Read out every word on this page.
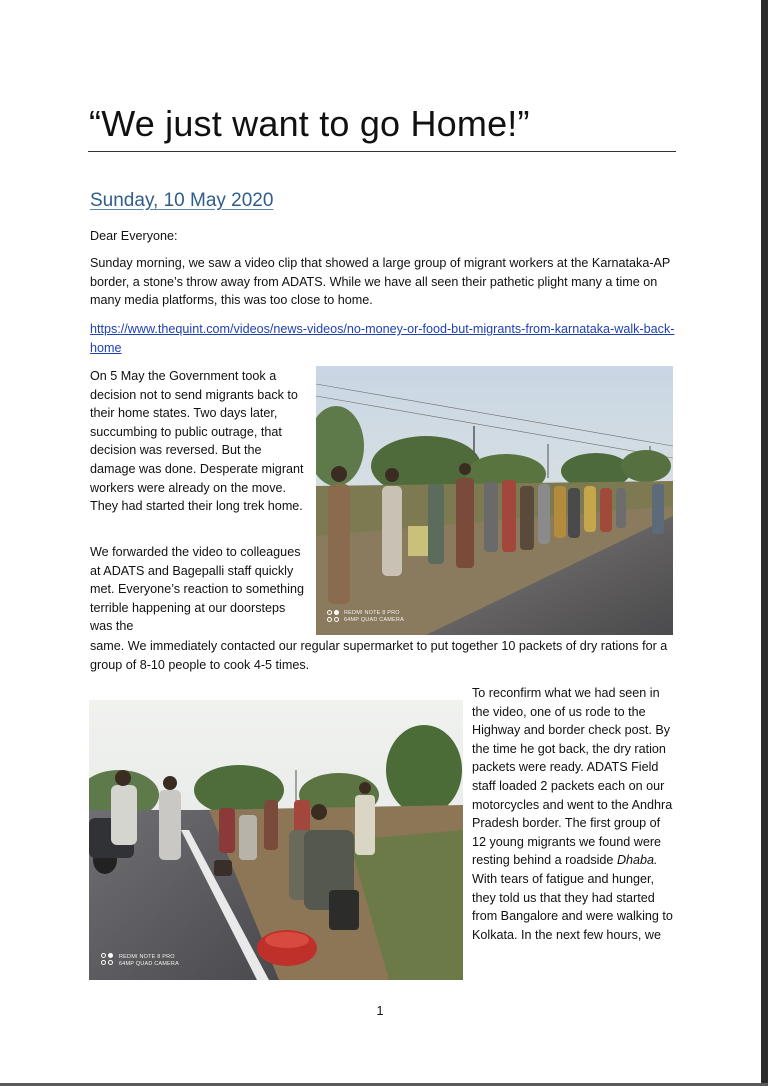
“We just want to go Home!”
Sunday, 10 May 2020

Dear Everyone:

Sunday morning, we saw a video clip that showed a large group of migrant workers at the Karnataka-AP border, a stone’s throw away from ADATS. While we have all seen their pathetic plight many a time on many media platforms, this was too close to home.

https://www.thequint.com/videos/news-videos/no-money-or-food-but-migrants-from-karnataka-walk-back-home

On 5 May the Government took a decision not to send migrants back to their home states. Two days later, succumbing to public outrage, that decision was reversed. But the damage was done. Desperate migrant workers were already on the move. They had started their long trek home.

We forwarded the video to colleagues at ADATS and Bagepalli staff quickly met. Everyone’s reaction to something terrible happening at our doorsteps was the

same. We immediately contacted our regular supermarket to put together 10 packets of dry rations for a group of 8-10 people to cook 4-5 times.

REDMI NOTE 8 PRO
64MP QUAD CAMERA
REDMI NOTE 8 PRO
64MP QUAD CAMERA

To reconfirm what we had seen in the video, one of us rode to the Highway and border check post. By the time he got back, the dry ration packets were ready. ADATS Field staff loaded 2 packets each on our motorcycles and went to the Andhra Pradesh border. The first group of 12 young migrants we found were resting behind a roadside Dhaba. With tears of fatigue and hunger, they told us that they had started from Bangalore and were walking to Kolkata. In the next few hours, we

1
